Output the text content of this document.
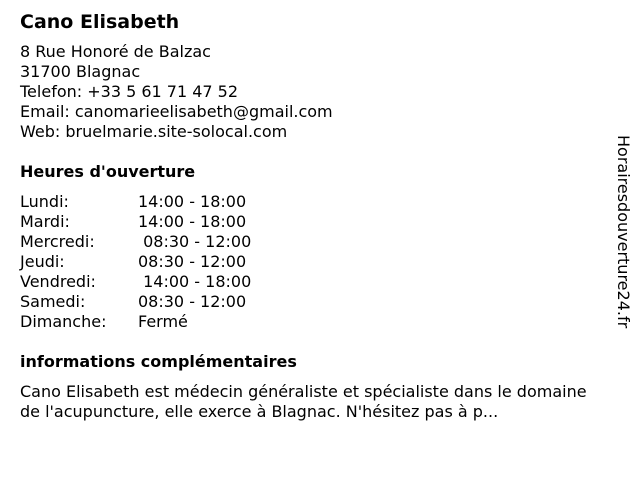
Cano Elisabeth
8 Rue Honoré de Balzac
31700 Blagnac
Telefon: +33 5 61 71 47 52
Email: canomarieelisabeth@gmail.com
Web: bruelmarie.site-solocal.com
Heures d'ouverture
Lundi:	14:00 - 18:00
Mardi:	14:00 - 18:00
Mercredi:	08:30 - 12:00
Jeudi:	08:30 - 12:00
Vendredi:	14:00 - 18:00
Samedi:	08:30 - 12:00
Dimanche:	Fermé
informations complémentaires
Cano Elisabeth est médecin généraliste et spécialiste dans le domaine de l'acupuncture, elle exerce à Blagnac. N'hésitez pas à p...
Horairesdouverture24.fr
